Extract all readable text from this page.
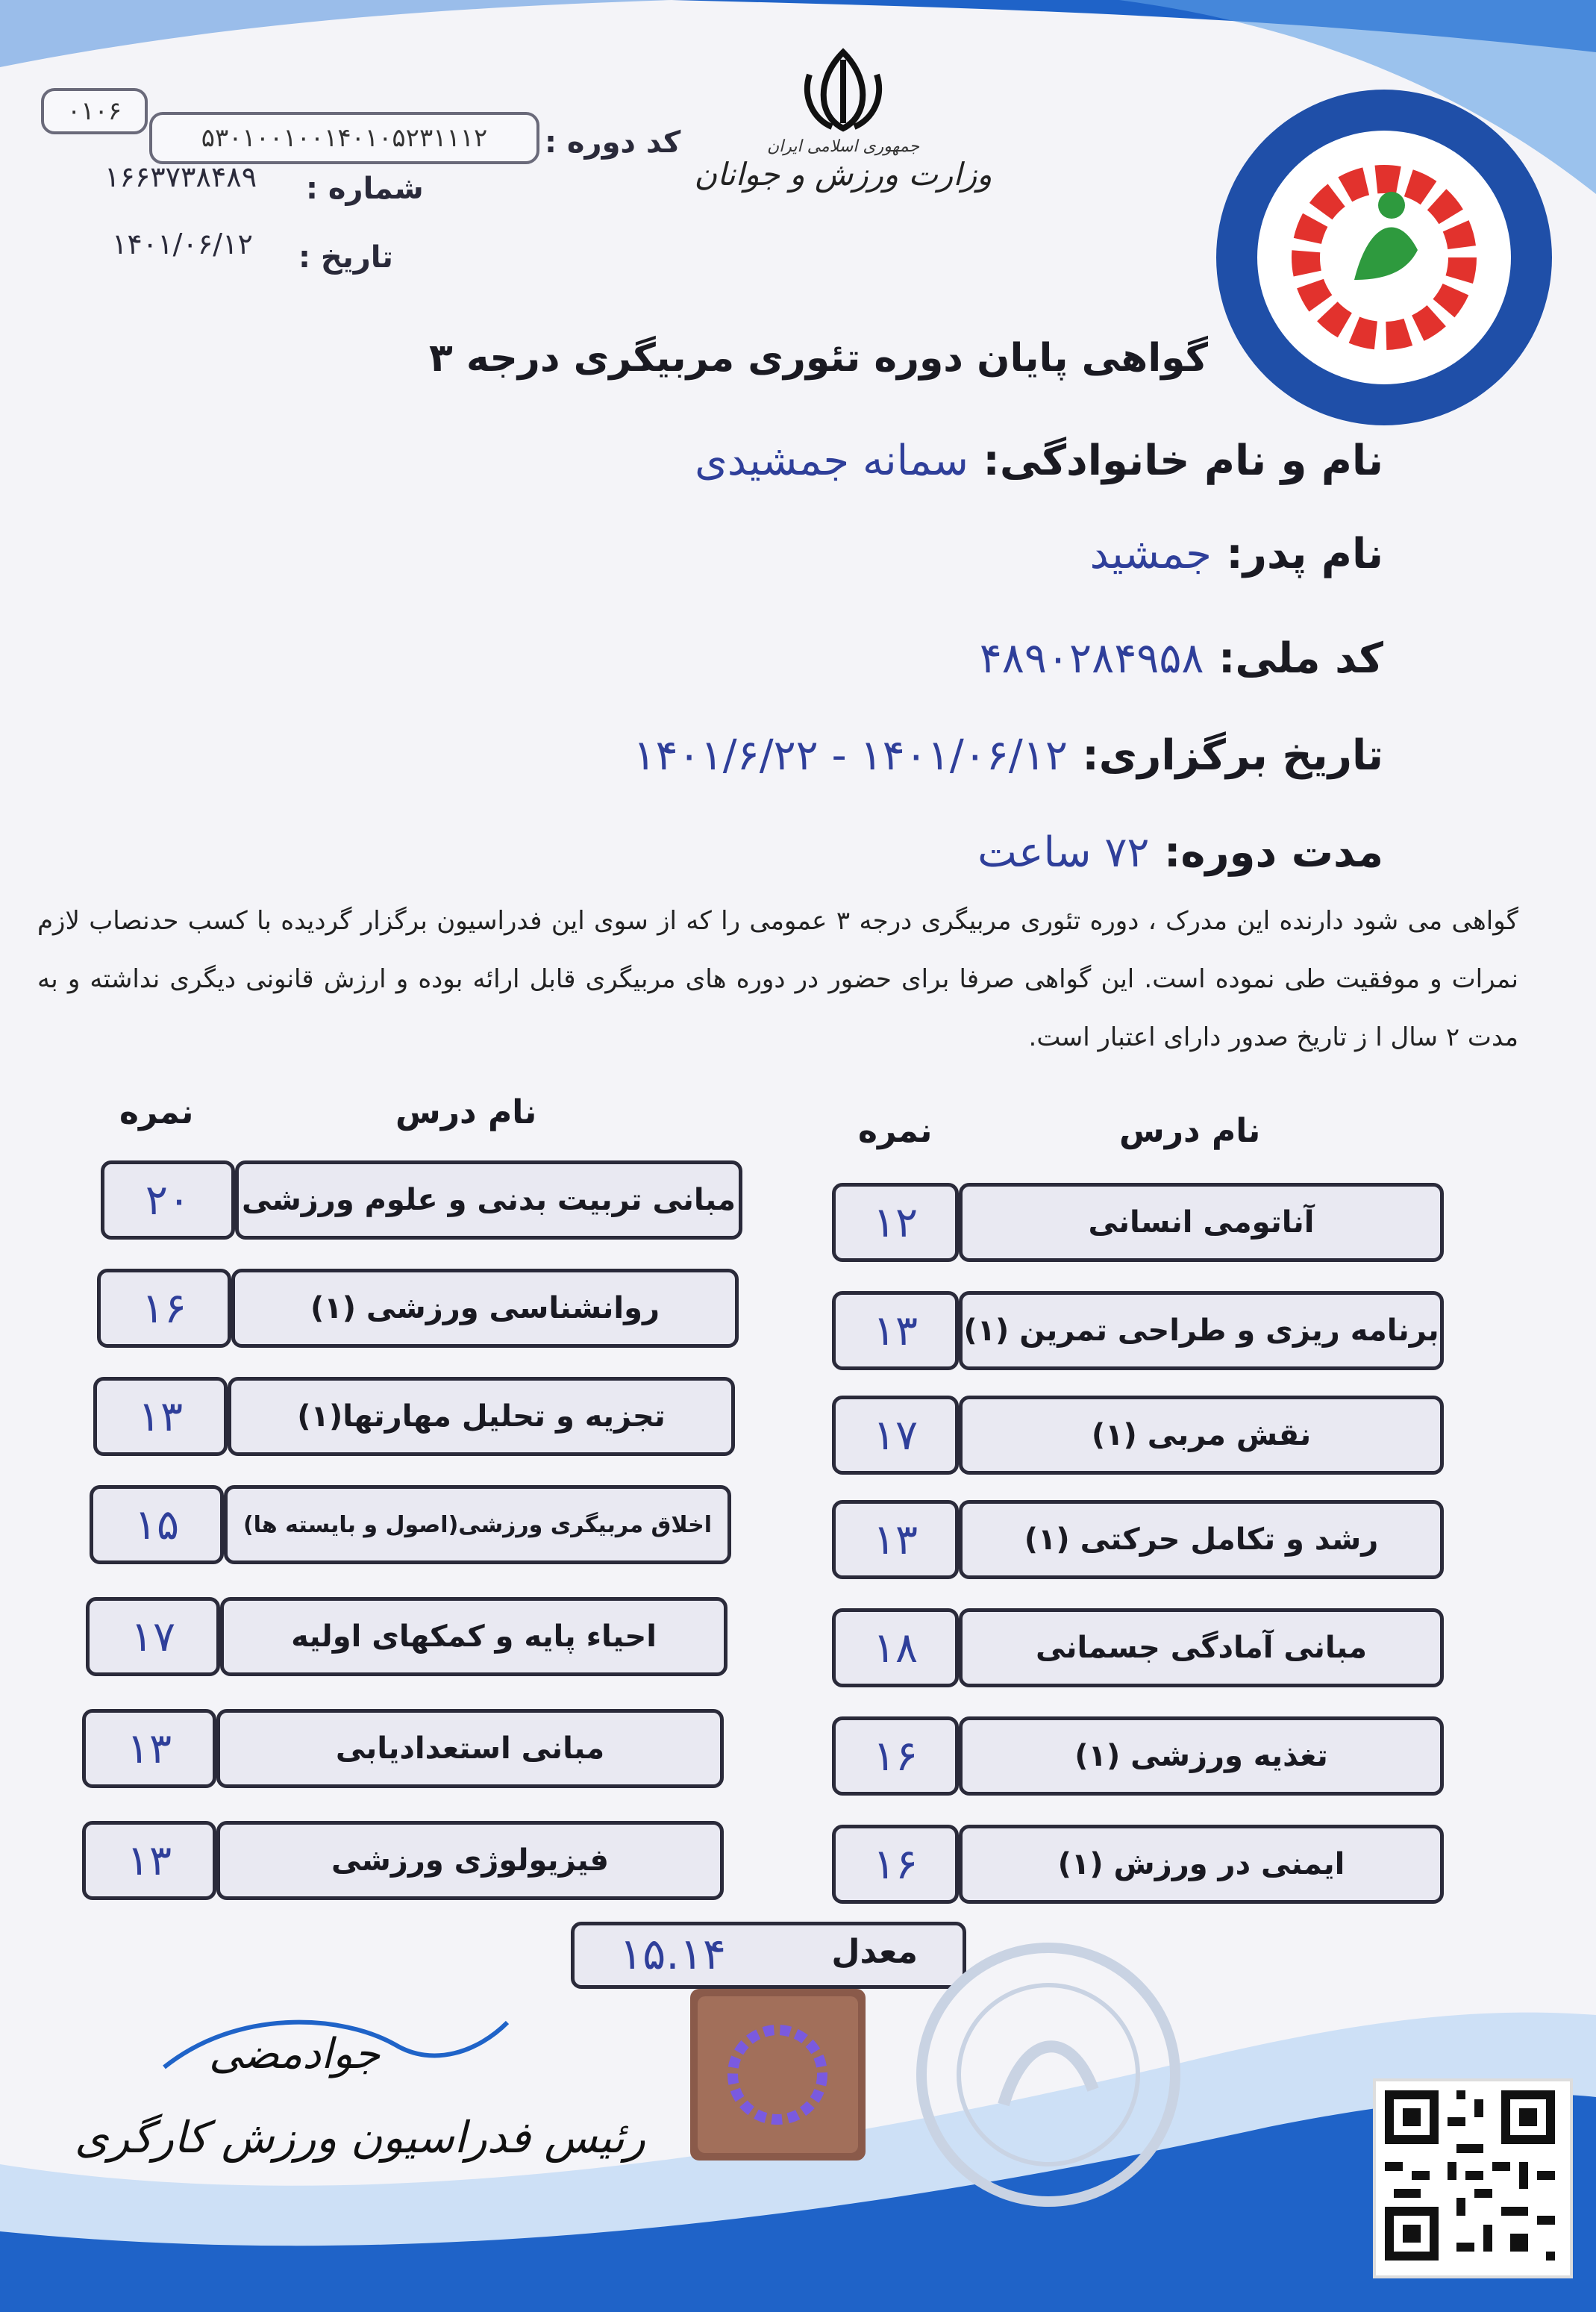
۰۱۰۶
۵۳۰۱۰۰۱۰۰۱۴۰۱۰۵۲۳۱۱۱۲ کد دوره :
۱۶۶۳۷۳۸۴۸۹ شماره :
۱۴۰۱/۰۶/۱۲ تاریخ :
جمهوری اسلامی ایران
وزارت ورزش و جوانان
گواهی پایان دوره تئوری مربیگری درجه ۳
نام و نام خانوادگی: سمانه جمشیدی
نام پدر: جمشید
کد ملی: ۴۸۹۰۲۸۴۹۵۸
تاریخ برگزاری: ۱۴۰۱/۰۶/۱۲ - ۱۴۰۱/۶/۲۲
مدت دوره: ۷۲ ساعت
گواهی می شود دارنده این مدرک ، دوره تئوری مربیگری درجه ۳ عمومی را که از سوی این فدراسیون برگزار گردیده با کسب حدنصاب لازم نمرات و موفقیت طی نموده است. این گواهی صرفا برای حضور در دوره های مربیگری قابل ارائه بوده و ارزش قانونی دیگری نداشته و به مدت ۲ سال ا ز تاریخ صدور دارای اعتبار است.
نام درس
نمره
نام درس
نمره
۱۲	آناتومی انسانی
۱۳	برنامه ریزی و طراحی تمرین (۱)
۱۷	نقش مربی (۱)
۱۳	رشد و تکامل حرکتی (۱)
۱۸	مبانی آمادگی جسمانی
۱۶	تغذیه ورزشی (۱)
۱۶	ایمنی در ورزش (۱)
۲۰	مبانی تربیت بدنی و علوم ورزشی
۱۶	روانشناسی ورزشی (۱)
۱۳	تجزیه و تحلیل مهارتها(۱)
۱۵	اخلاق مربیگری ورزشی(اصول و بایسته ها)
۱۷	احیاء پایه و کمکهای اولیه
۱۳	مبانی استعدادیابی
۱۳	فیزیولوژی ورزشی
معدل
۱۵.۱۴
جوادمضی
رئیس فدراسیون ورزش کارگری
